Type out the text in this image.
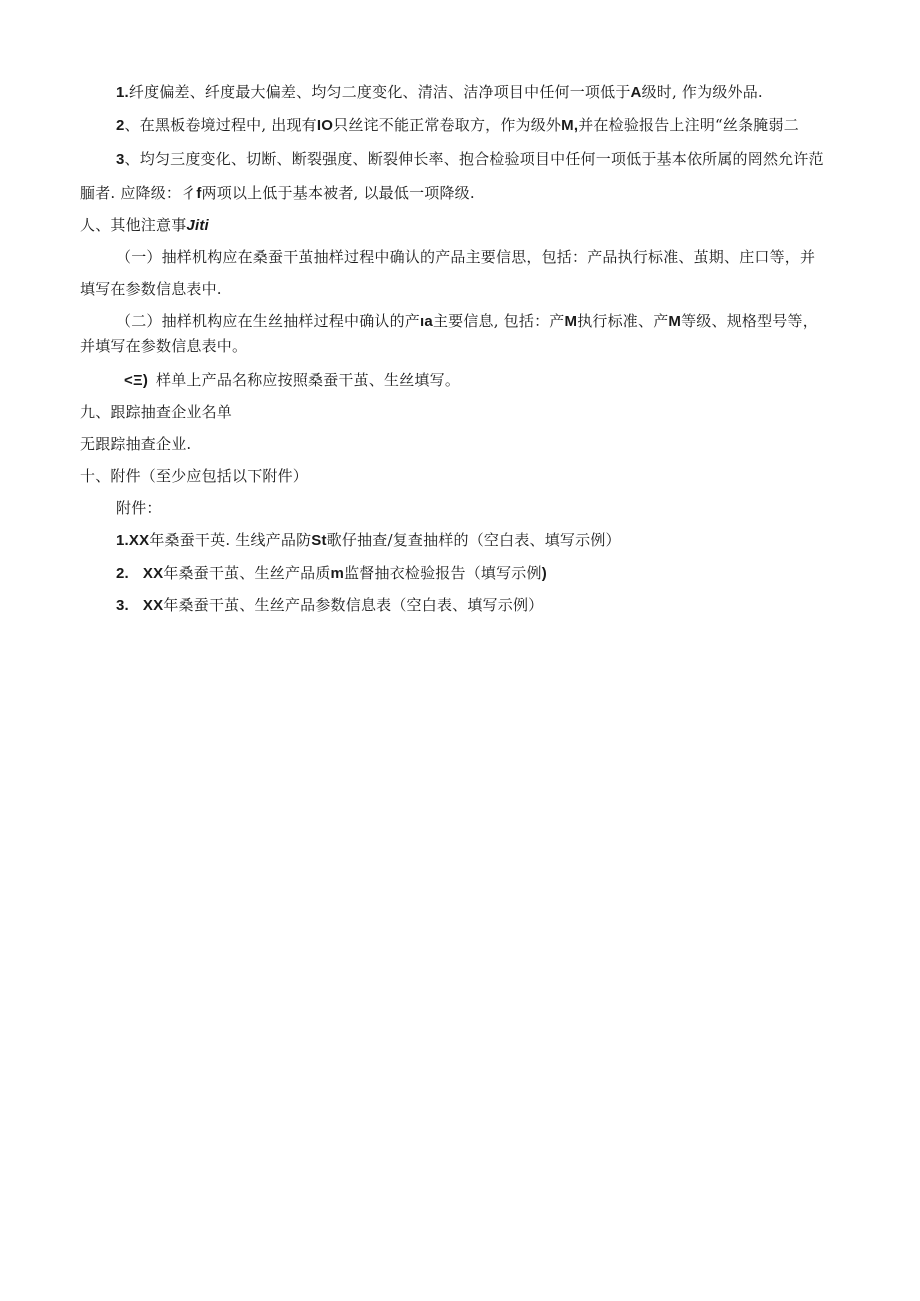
1.纤度偏差、纤度最大偏差、均匀二度变化、清洁、洁净项目中任何一项低于A级时, 作为级外品.
2、在黑板卷境过程中, 出现有IO只丝诧不能正常卷取方，作为级外M,并在检验报告上注明“丝条腌弱二
3、均匀三度变化、切断、断裂强度、断裂伸长率、抱合检验项目中任何一项低于基本依所属的罔然允许范
腼者. 应降级：彳f两项以上低于基本被者, 以最低一项降级.
人、其他注意事Jiti
（一）抽样机构应在桑蚕干茧抽样过程中确认的产品主要信思，包括：产品执行标准、茧期、庄口等，并
填写在参数信息表中.
（二）抽样机构应在生丝抽样过程中确认的产ıa主要信息, 包括：产M执行标准、产M等级、规格型号等，
并填写在参数信息表中。
<Ξ) 样单上产品名称应按照桑蚕干茧、生丝填写。
九、跟踪抽查企业名单
无跟踪抽查企业.
十、附件（至少应包括以下附件）
附件：
1.XX年桑蚕干英. 生线产品防St歌仔抽查/复查抽样的（空白表、填写示例）
2. XX年桑蚕干茧、生丝产品质m监督抽衣检验报告（填写示例)
3. XX年桑蚕干茧、生丝产品参数信息表（空白表、填写示例）
